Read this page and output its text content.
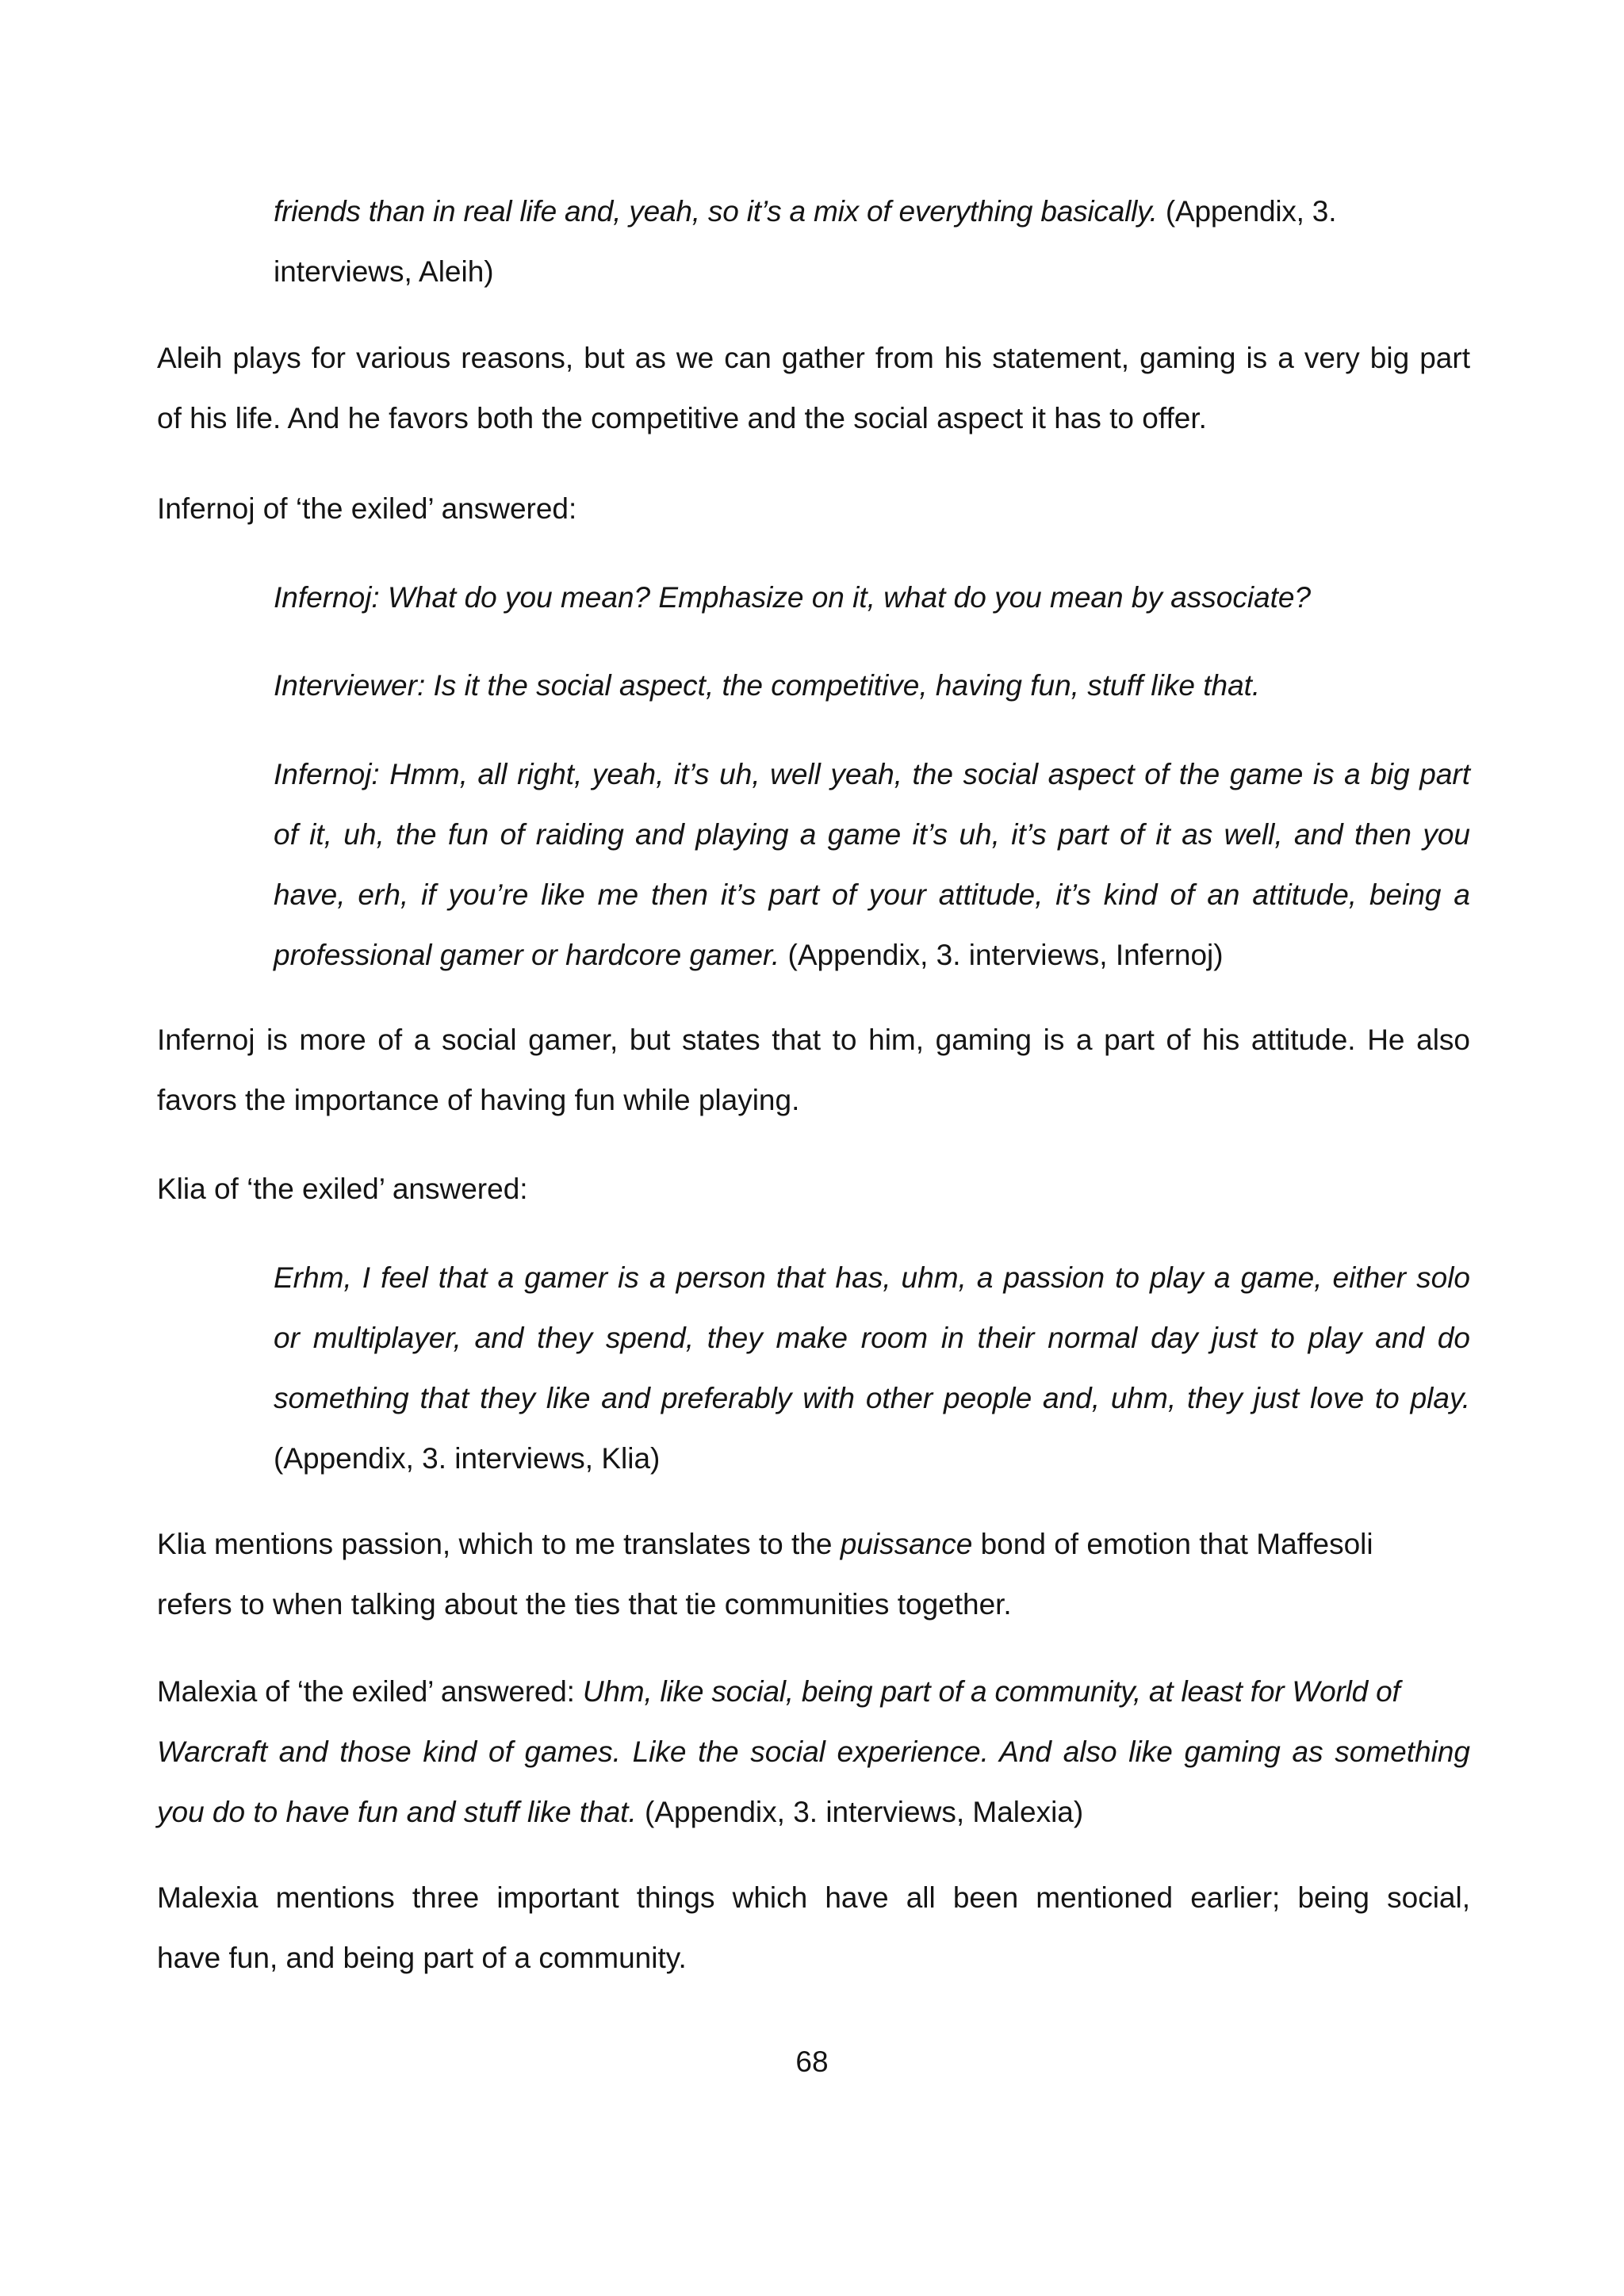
friends than in real life and, yeah, so it’s a mix of everything basically. (Appendix, 3.
interviews, Aleih)
Aleih plays for various reasons, but as we can gather from his statement, gaming is a very big part
of his life. And he favors both the competitive and the social aspect it has to offer.
Infernoj of ‘the exiled’ answered:
Infernoj: What do you mean? Emphasize on it, what do you mean by associate?
Interviewer: Is it the social aspect, the competitive, having fun, stuff like that.
Infernoj: Hmm, all right, yeah, it’s uh, well yeah, the social aspect of the game is a big part
of it, uh, the fun of raiding and playing a game it’s uh, it’s part of it as well, and then you
have, erh, if you’re like me then it’s part of your attitude, it’s kind of an attitude, being a
professional gamer or hardcore gamer. (Appendix, 3. interviews, Infernoj)
Infernoj is more of a social gamer, but states that to him, gaming is a part of his attitude. He also
favors the importance of having fun while playing.
Klia of ‘the exiled’ answered:
Erhm, I feel that a gamer is a person that has, uhm, a passion to play a game, either solo
or multiplayer, and they spend, they make room in their normal day just to play and do
something that they like and preferably with other people and, uhm, they just love to play.
(Appendix, 3. interviews, Klia)
Klia mentions passion, which to me translates to the puissance bond of emotion that Maffesoli
refers to when talking about the ties that tie communities together.
Malexia of ‘the exiled’ answered: Uhm, like social, being part of a community, at least for World of
Warcraft and those kind of games. Like the social experience. And also like gaming as something
you do to have fun and stuff like that. (Appendix, 3. interviews, Malexia)
Malexia mentions three important things which have all been mentioned earlier; being social,
have fun, and being part of a community.
68
